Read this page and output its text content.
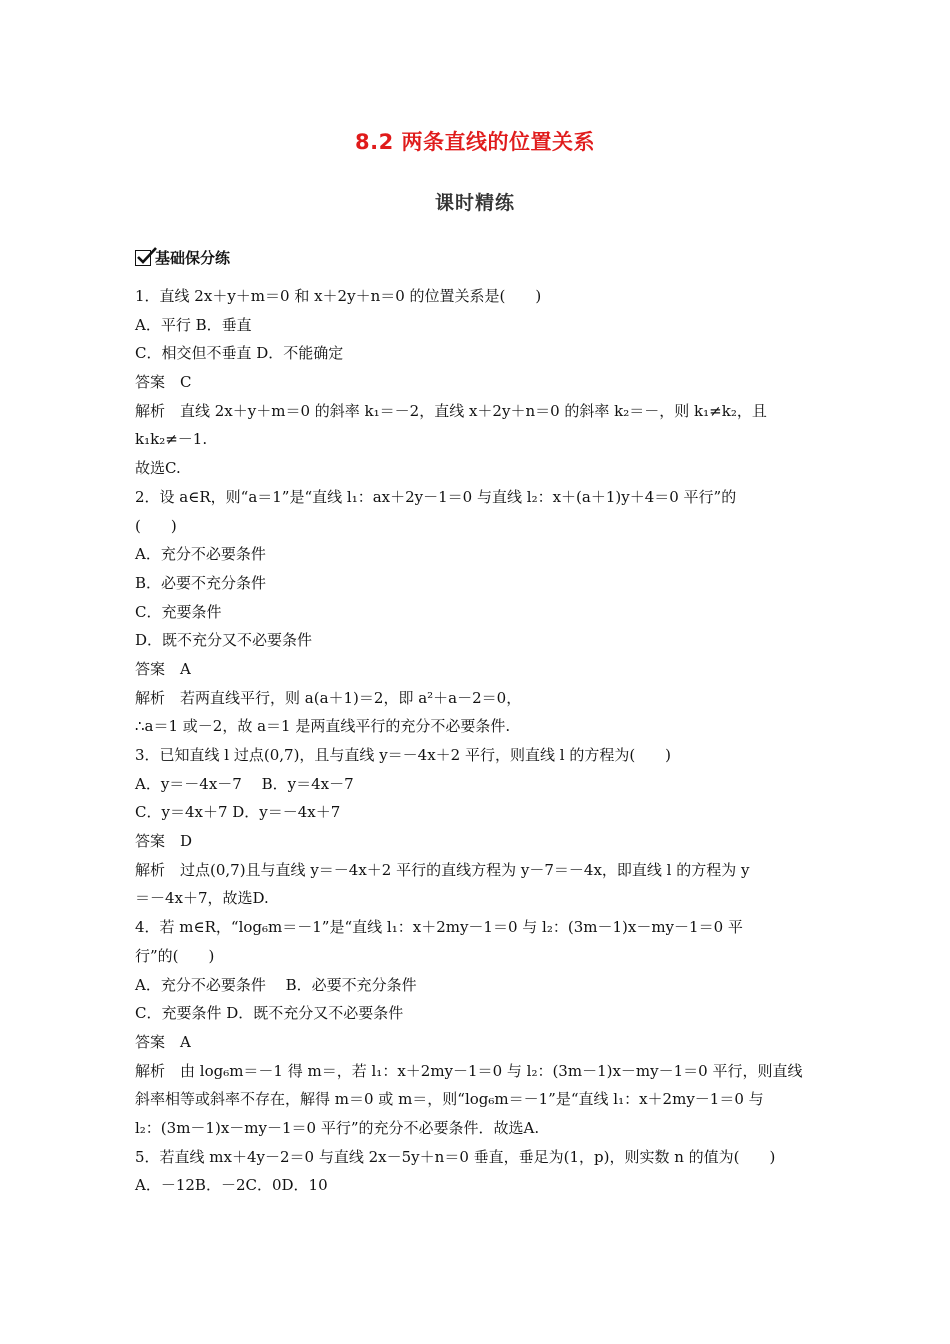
8.2 两条直线的位置关系
课时精练
基础保分练
1．直线 2x＋y＋m＝0 和 x＋2y＋n＝0 的位置关系是(　　)
A．平行 B．垂直
C．相交但不垂直 D．不能确定
答案　C
解析　直线 2x＋y＋m＝0 的斜率 k₁＝－2，直线 x＋2y＋n＝0 的斜率 k₂＝－，则 k₁≠k₂，且
k₁k₂≠－1.
故选C.
2．设 a∈R，则“a＝1”是“直线 l₁：ax＋2y－1＝0 与直线 l₂：x＋(a＋1)y＋4＝0 平行”的
(　　)
A．充分不必要条件
B．必要不充分条件
C．充要条件
D．既不充分又不必要条件
答案　A
解析　若两直线平行，则 a(a＋1)＝2，即 a²＋a－2＝0，
∴a＝1 或－2，故 a＝1 是两直线平行的充分不必要条件.
3．已知直线 l 过点(0,7)，且与直线 y＝－4x＋2 平行，则直线 l 的方程为(　　)
A．y＝－4x－7　 B．y＝4x－7
C．y＝4x＋7 D．y＝－4x＋7
答案　D
解析　过点(0,7)且与直线 y＝－4x＋2 平行的直线方程为 y－7＝－4x，即直线 l 的方程为 y
＝－4x＋7，故选D.
4．若 m∈R，“log₆m＝－1”是“直线 l₁：x＋2my－1＝0 与 l₂：(3m－1)x－my－1＝0 平
行”的(　　)
A．充分不必要条件　 B．必要不充分条件
C．充要条件 D．既不充分又不必要条件
答案　A
解析　由 log₆m＝－1 得 m＝，若 l₁：x＋2my－1＝0 与 l₂：(3m－1)x－my－1＝0 平行，则直线
斜率相等或斜率不存在，解得 m＝0 或 m＝，则“log₆m＝－1”是“直线 l₁：x＋2my－1＝0 与
l₂：(3m－1)x－my－1＝0 平行”的充分不必要条件．故选A.
5．若直线 mx＋4y－2＝0 与直线 2x－5y＋n＝0 垂直，垂足为(1，p)，则实数 n 的值为(　　)
A．－12B．－2C．0D．10
